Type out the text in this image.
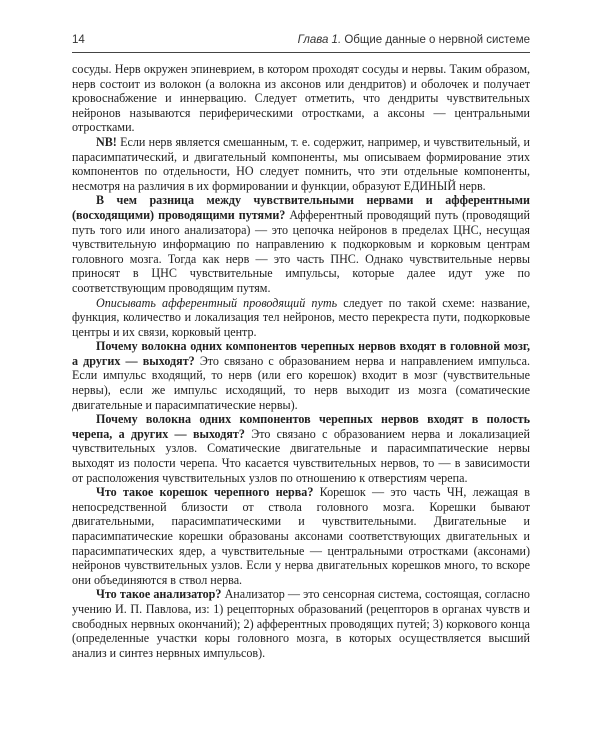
14	Глава 1. Общие данные о нервной системе

сосуды. Нерв окружен эпиневрием, в котором проходят сосуды и нервы. Таким образом, нерв состоит из волокон (а волокна из аксонов или дендритов) и оболочек и получает кровоснабжение и иннервацию. Следует отметить, что дендриты чувствительных нейронов называются периферическими отростками, а аксоны — центральными отростками.

NB! Если нерв является смешанным, т. е. содержит, например, и чувствительный, и парасимпатический, и двигательный компоненты, мы описываем формирование этих компонентов по отдельности, НО следует помнить, что эти отдельные компоненты, несмотря на различия в их формировании и функции, образуют ЕДИНЫЙ нерв.

В чем разница между чувствительными нервами и афферентными (восходящими) проводящими путями? Афферентный проводящий путь (проводящий путь того или иного анализатора) — это цепочка нейронов в пределах ЦНС, несущая чувствительную информацию по направлению к подкорковым и корковым центрам головного мозга. Тогда как нерв — это часть ПНС. Однако чувствительные нервы приносят в ЦНС чувствительные импульсы, которые далее идут уже по соответствующим проводящим путям.

Описывать афферентный проводящий путь следует по такой схеме: название, функция, количество и локализация тел нейронов, место перекреста пути, подкорковые центры и их связи, корковый центр.

Почему волокна одних компонентов черепных нервов входят в головной мозг, а других — выходят? Это связано с образованием нерва и направлением импульса. Если импульс входящий, то нерв (или его корешок) входит в мозг (чувствительные нервы), если же импульс исходящий, то нерв выходит из мозга (соматические двигательные и парасимпатические нервы).

Почему волокна одних компонентов черепных нервов входят в полость черепа, а других — выходят? Это связано с образованием нерва и локализацией чувствительных узлов. Соматические двигательные и парасимпатические нервы выходят из полости черепа. Что касается чувствительных нервов, то — в зависимости от расположения чувствительных узлов по отношению к отверстиям черепа.

Что такое корешок черепного нерва? Корешок — это часть ЧН, лежащая в непосредственной близости от ствола головного мозга. Корешки бывают двигательными, парасимпатическими и чувствительными. Двигательные и парасимпатические корешки образованы аксонами соответствующих двигательных и парасимпатических ядер, а чувствительные — центральными отростками (аксонами) нейронов чувствительных узлов. Если у нерва двигательных корешков много, то вскоре они объединяются в ствол нерва.

Что такое анализатор? Анализатор — это сенсорная система, состоящая, согласно учению И. П. Павлова, из: 1) рецепторных образований (рецепторов в органах чувств и свободных нервных окончаний); 2) афферентных проводящих путей; 3) коркового конца (определенные участки коры головного мозга, в которых осуществляется высший анализ и синтез нервных импульсов).
